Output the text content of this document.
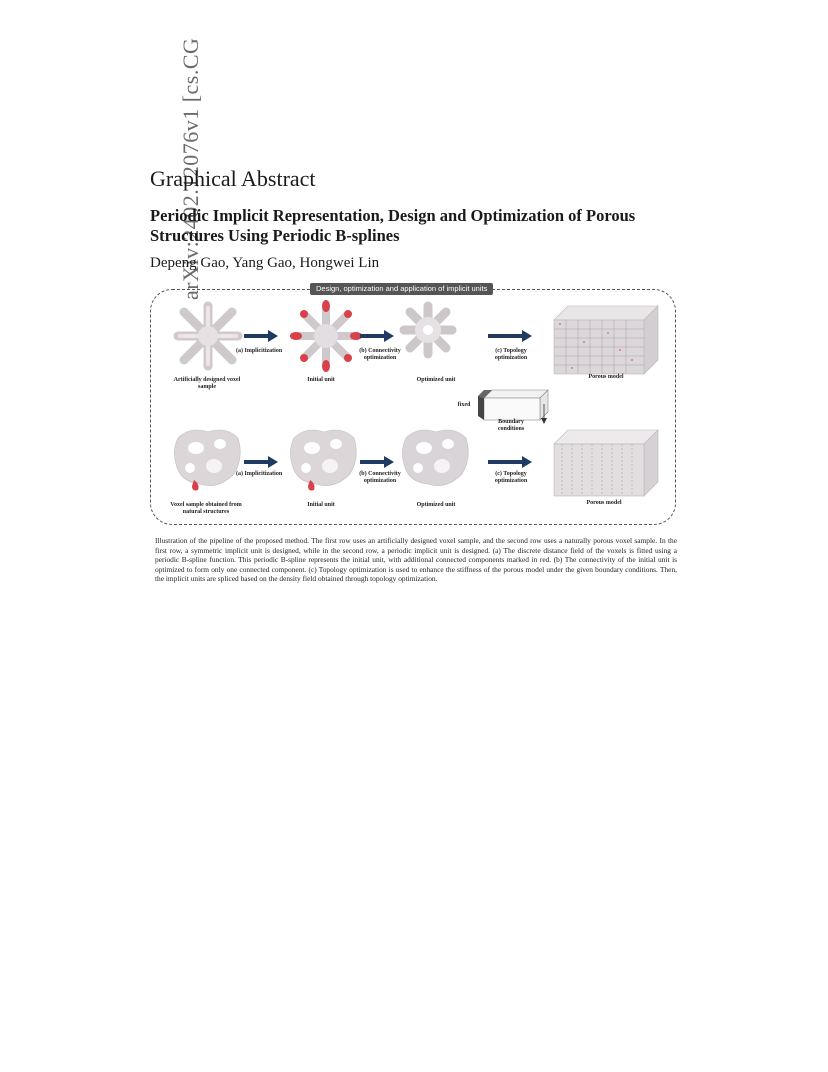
arXiv:2402.12076v1 [cs.CG
Graphical Abstract
Periodic Implicit Representation, Design and Optimization of Porous Structures Using Periodic B-splines
Depeng Gao, Yang Gao, Hongwei Lin
Design, optimization and application of implicit units
(a) Implicitization	(b) Connectivity optimization
(c) Topology optimization
Artificially designed voxel sample
Initial unit	Optimized unit	Porous model
fixed
Boundary conditions
(a) Implicitization	(b) Connectivity optimization
(c) Topology optimization
Voxel sample obtained from natural structures
Initial unit	Optimized unit	Porous model
Illustration of the pipeline of the proposed method. The first row uses an artificially designed voxel sample, and the second row uses a naturally porous voxel sample. In the first row, a symmetric implicit unit is designed, while in the second row, a periodic implicit unit is designed. (a) The discrete distance field of the voxels is fitted using a periodic B-spline function. This periodic B-spline represents the initial unit, with additional connected components marked in red. (b) The connectivity of the initial unit is optimized to form only one connected component. (c) Topology optimization is used to enhance the stiffness of the porous model under the given boundary conditions. Then, the implicit units are spliced based on the density field obtained through topology optimization.
